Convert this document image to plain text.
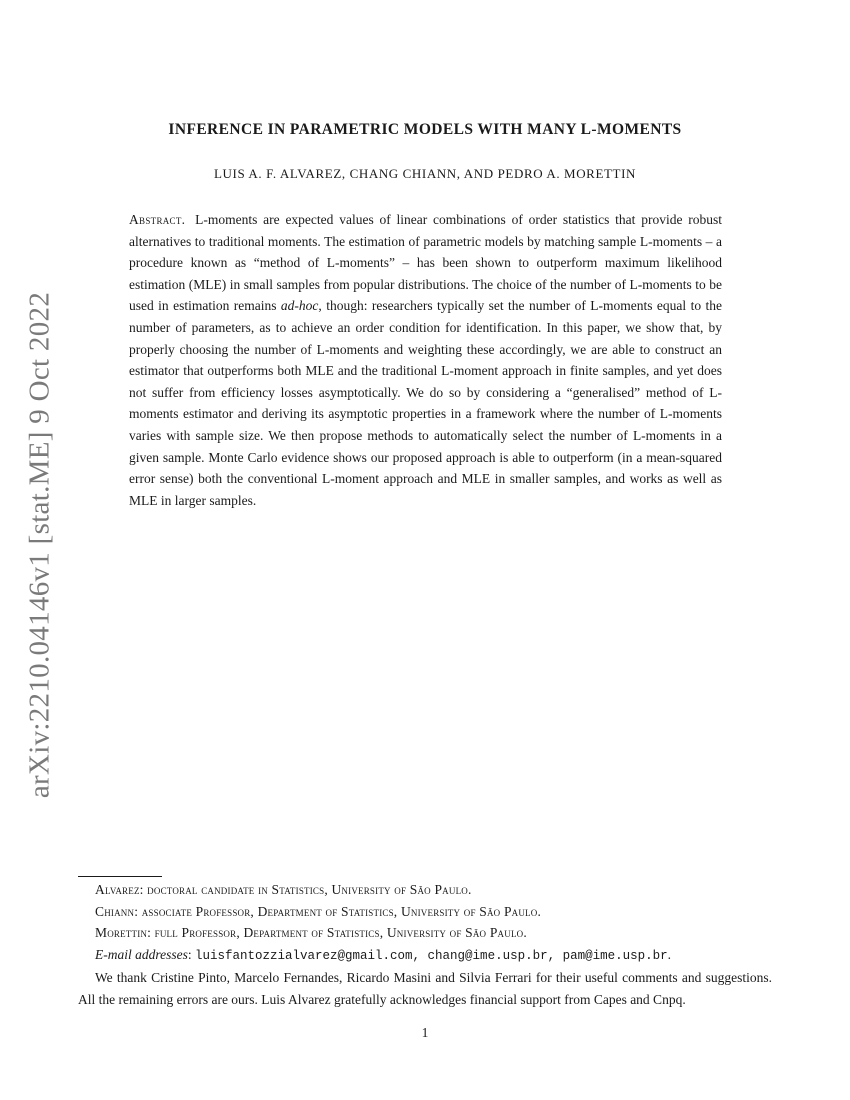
arXiv:2210.04146v1 [stat.ME] 9 Oct 2022
INFERENCE IN PARAMETRIC MODELS WITH MANY L-MOMENTS
LUIS A. F. ALVAREZ, CHANG CHIANN, AND PEDRO A. MORETTIN
Abstract. L-moments are expected values of linear combinations of order statistics that provide robust alternatives to traditional moments. The estimation of parametric models by matching sample L-moments – a procedure known as “method of L-moments” – has been shown to outperform maximum likelihood estimation (MLE) in small samples from popular distributions. The choice of the number of L-moments to be used in estimation remains ad-hoc, though: researchers typically set the number of L-moments equal to the number of parameters, as to achieve an order condition for identification. In this paper, we show that, by properly choosing the number of L-moments and weighting these accordingly, we are able to construct an estimator that outperforms both MLE and the traditional L-moment approach in finite samples, and yet does not suffer from efficiency losses asymptotically. We do so by considering a “generalised” method of L-moments estimator and deriving its asymptotic properties in a framework where the number of L-moments varies with sample size. We then propose methods to automatically select the number of L-moments in a given sample. Monte Carlo evidence shows our proposed approach is able to outperform (in a mean-squared error sense) both the conventional L-moment approach and MLE in smaller samples, and works as well as MLE in larger samples.
Alvarez: doctoral candidate in Statistics, University of São Paulo.
Chiann: associate Professor, Department of Statistics, University of São Paulo.
Morettin: full Professor, Department of Statistics, University of São Paulo.
E-mail addresses: luisfantozzialvarez@gmail.com, chang@ime.usp.br, pam@ime.usp.br.
We thank Cristine Pinto, Marcelo Fernandes, Ricardo Masini and Silvia Ferrari for their useful comments and suggestions. All the remaining errors are ours. Luis Alvarez gratefully acknowledges financial support from Capes and Cnpq.
1
